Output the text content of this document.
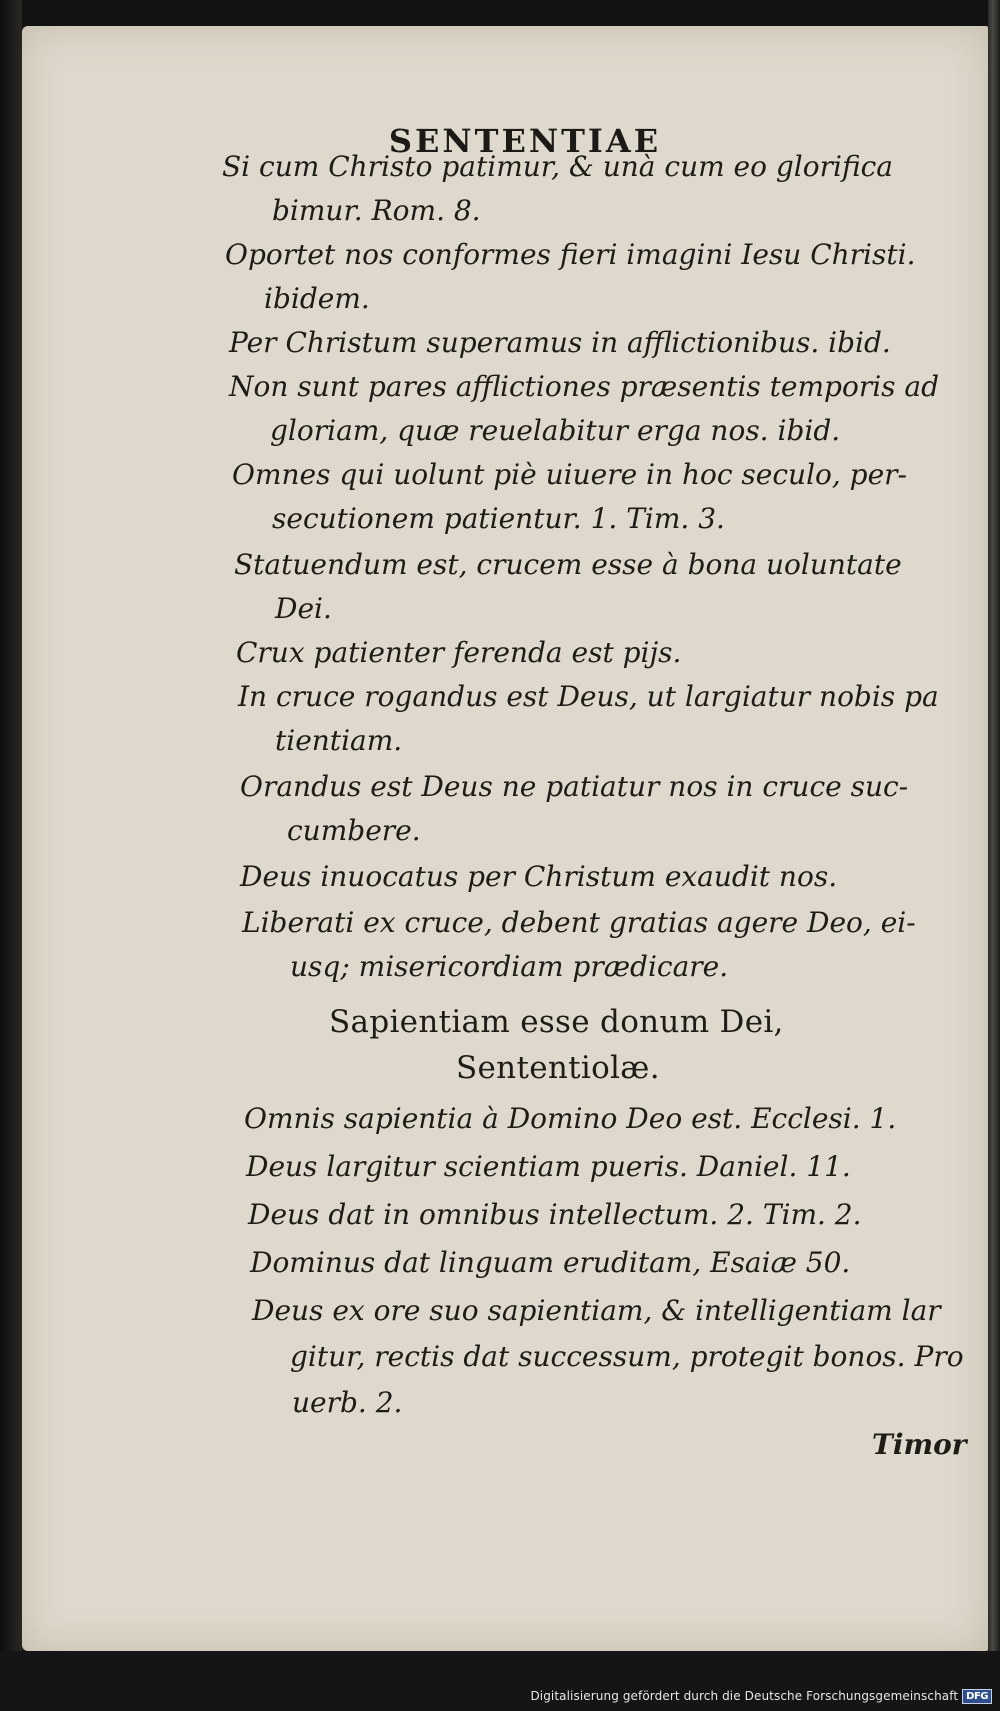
SENTENTIAE
Si cum Christo patimur, & unà cum eo glorifica
bimur. Rom. 8.
Oportet nos conformes fieri imagini Iesu Christi.
ibidem.
Per Christum superamus in afflictionibus. ibid.
Non sunt pares afflictiones præsentis temporis ad
gloriam, quæ reuelabitur erga nos. ibid.
Omnes qui uolunt piè uiuere in hoc seculo, per-
secutionem patientur. 1. Tim. 3.
Statuendum est, crucem esse à bona uoluntate
Dei.
Crux patienter ferenda est pijs.
In cruce rogandus est Deus, ut largiatur nobis pa
tientiam.
Orandus est Deus ne patiatur nos in cruce suc-
cumbere.
Deus inuocatus per Christum exaudit nos.
Liberati ex cruce, debent gratias agere Deo, ei-
usq; misericordiam prædicare.
Sapientiam esse donum Dei,
Sententiolæ.
Omnis sapientia à Domino Deo est. Ecclesi. 1.
Deus largitur scientiam pueris. Daniel. 11.
Deus dat in omnibus intellectum. 2. Tim. 2.
Dominus dat linguam eruditam, Esaiæ 50.
Deus ex ore suo sapientiam, & intelligentiam lar
gitur, rectis dat successum, protegit bonos. Pro
uerb. 2.
Timor
Digitalisierung gefördert durch die Deutsche Forschungsgemeinschaft DFG
